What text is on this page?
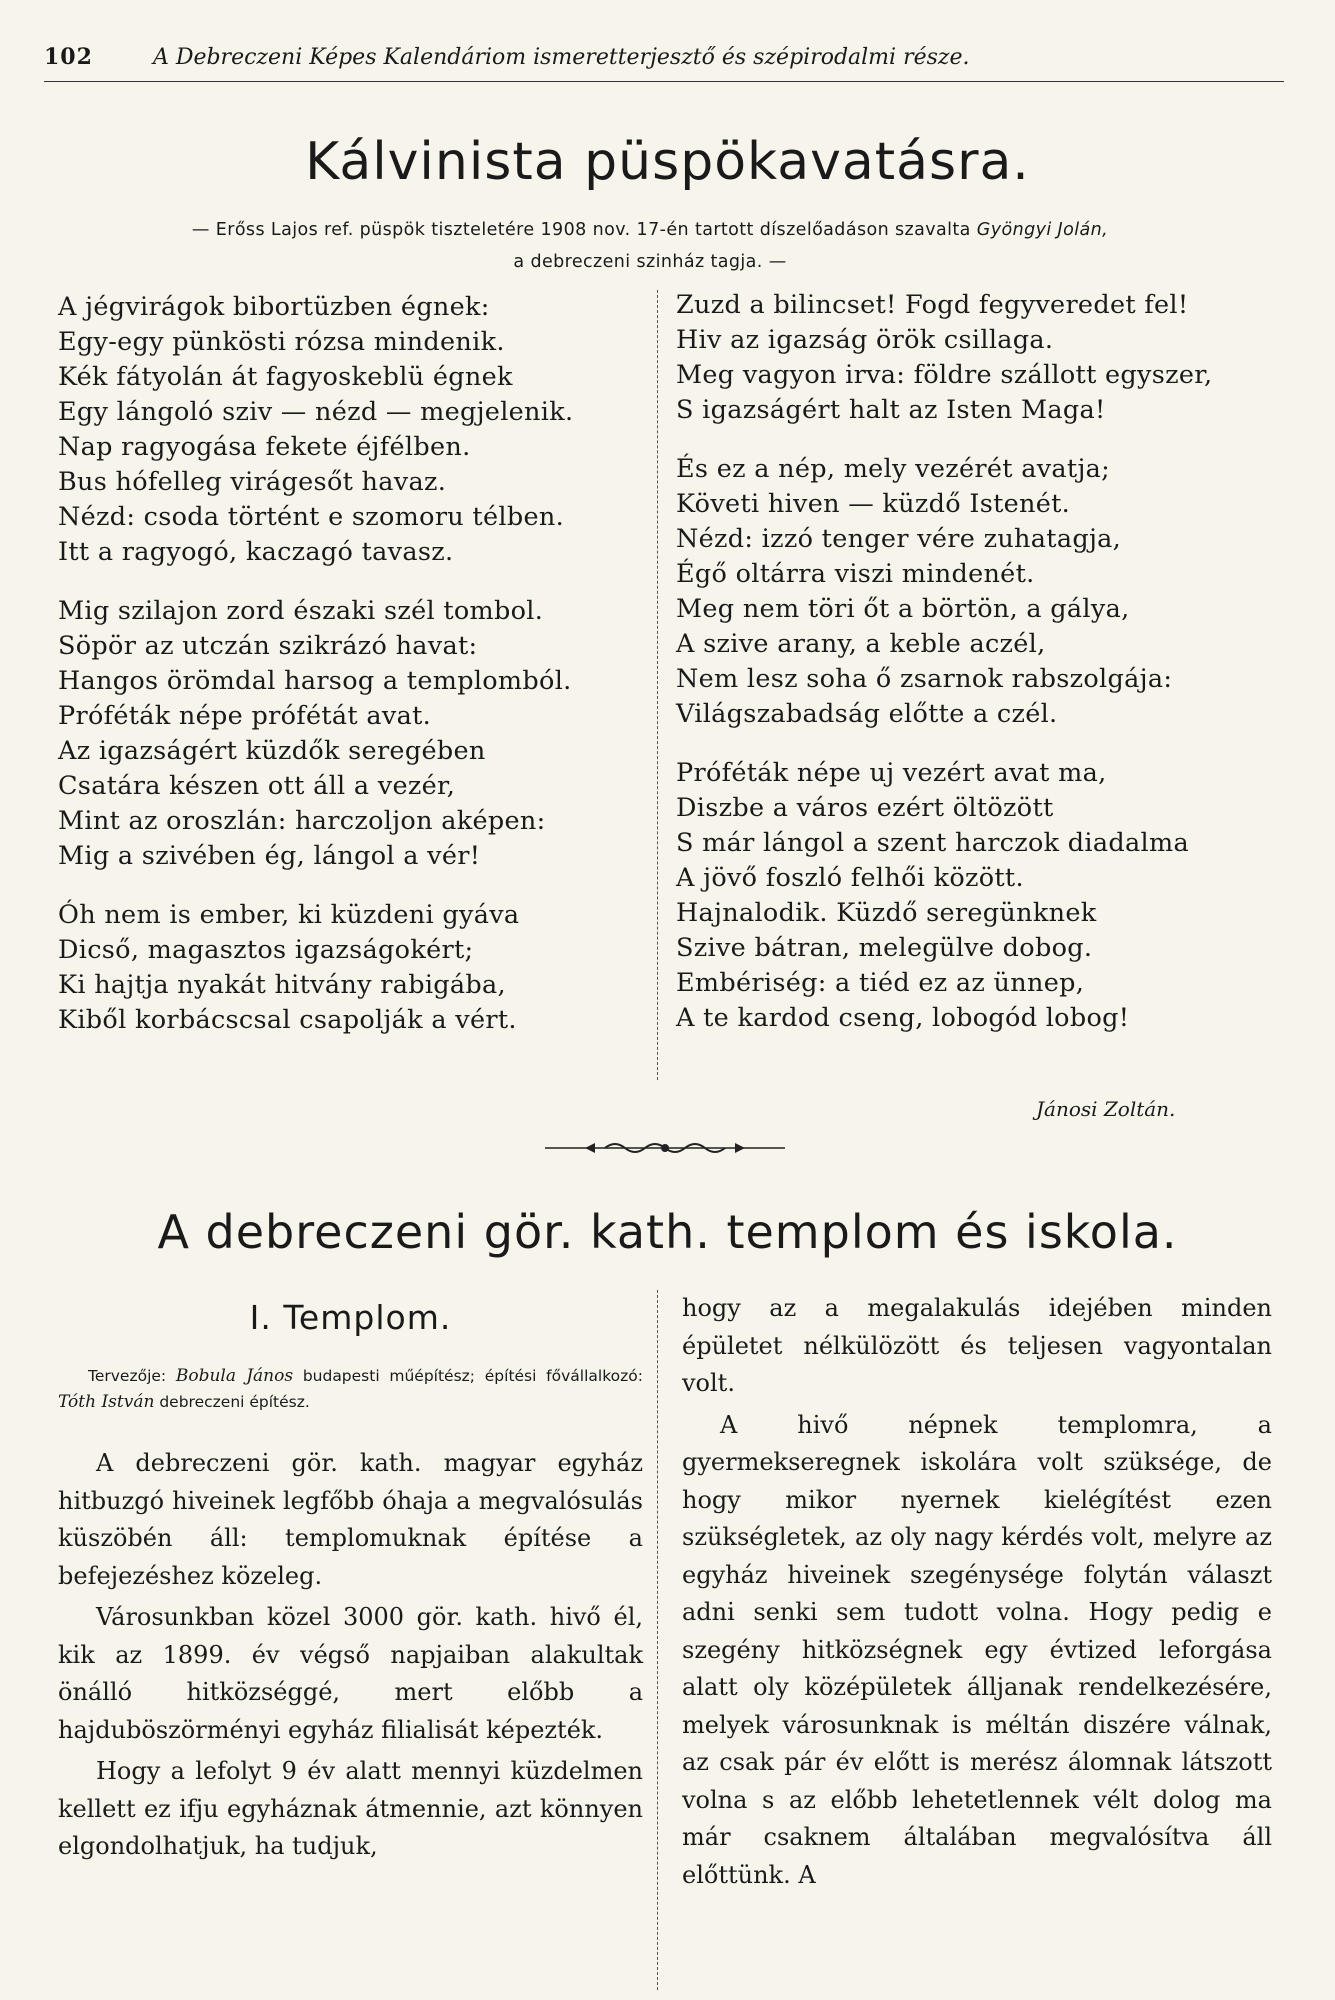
102	A Debreczeni Képes Kalendáriom ismeretterjesztő és szépirodalmi része.
Kálvinista püspökavatásra.
— Erőss Lajos ref. püspök tiszteletére 1908 nov. 17-én tartott díszelőadáson szavalta Gyöngyi Jolán,
a debreczeni szinház tagja. —
A jégvirágok bibortüzben égnek:
Egy-egy pünkösti rózsa mindenik.
Kék fátyolán át fagyoskeblü égnek
Egy lángoló sziv — nézd — megjelenik.
Nap ragyogása fekete éjfélben.
Bus hófelleg virágesőt havaz.
Nézd: csoda történt e szomoru télben.
Itt a ragyogó, kaczagó tavasz.
Mig szilajon zord északi szél tombol.
Söpör az utczán szikrázó havat:
Hangos örömdal harsog a templomból.
Próféták népe prófétát avat.
Az igazságért küzdők seregében
Csatára készen ott áll a vezér,
Mint az oroszlán: harczoljon aképen:
Mig a szivében ég, lángol a vér!
Óh nem is ember, ki küzdeni gyáva
Dicső, magasztos igazságokért;
Ki hajtja nyakát hitvány rabigába,
Kiből korbácscsal csapolják a vért.
Zuzd a bilincset! Fogd fegyveredet fel!
Hiv az igazság örök csillaga.
Meg vagyon irva: földre szállott egyszer,
S igazságért halt az Isten Maga!
És ez a nép, mely vezérét avatja;
Követi hiven — küzdő Istenét.
Nézd: izzó tenger vére zuhatagja,
Égő oltárra viszi mindenét.
Meg nem töri őt a börtön, a gálya,
A szive arany, a keble aczél,
Nem lesz soha ő zsarnok rabszolgája:
Világszabadság előtte a czél.
Próféták népe uj vezért avat ma,
Diszbe a város ezért öltözött
S már lángol a szent harczok diadalma
A jövő foszló felhői között.
Hajnalodik. Küzdő seregünknek
Szive bátran, melegülve dobog.
Embériség: a tiéd ez az ünnep,
A te kardod cseng, lobogód lobog!
Jánosi Zoltán.
A debreczeni gör. kath. templom és iskola.
I. Templom.
Tervezője: Bobula János budapesti műépítész; építési fővállalkozó: Tóth István debreczeni építész.

A debreczeni gör. kath. magyar egyház hitbuzgó hiveinek legfőbb óhaja a megvalósulás küszöbén áll: templomuknak építése a befejezéshez közeleg.

Városunkban közel 3000 gör. kath. hivő él, kik az 1899. év végső napjaiban alakultak önálló hitközséggé, mert előbb a hajduböszörményi egyház filialisát képezték.

Hogy a lefolyt 9 év alatt mennyi küzdelmen kellett ez ifju egyháznak átmennie, azt könnyen elgondolhatjuk, ha tudjuk,

hogy az a megalakulás idejében minden épületet nélkülözött és teljesen vagyontalan volt.

A hivő népnek templomra, a gyermekseregnek iskolára volt szüksége, de hogy mikor nyernek kielégítést ezen szükségletek, az oly nagy kérdés volt, melyre az egyház hiveinek szegénysége folytán választ adni senki sem tudott volna. Hogy pedig e szegény hitközségnek egy évtized leforgása alatt oly középületek álljanak rendelkezésére, melyek városunknak is méltán diszére válnak, az csak pár év előtt is merész álomnak látszott volna s az előbb lehetetlennek vélt dolog ma már csaknem általában megvalósítva áll előttünk. A
